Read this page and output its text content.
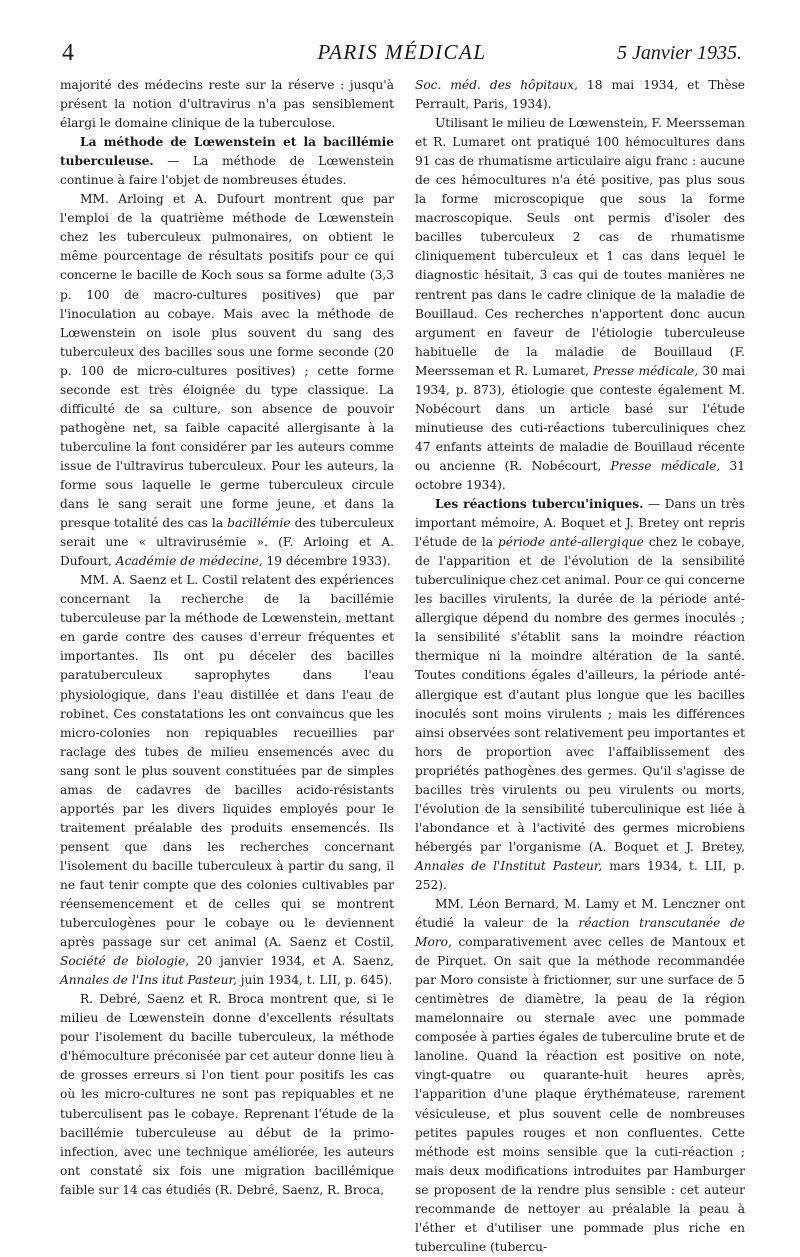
4	PARIS MÉDICAL	5 Janvier 1935.

majorité des médecins reste sur la réserve : jusqu'à présent la notion d'ultravirus n'a pas sensiblement élargi le domaine clinique de la tuberculose.

La méthode de Lœwenstein et la bacillémie tuberculeuse. — La méthode de Lœwenstein continue à faire l'objet de nombreuses études.

MM. Arloing et A. Dufourt montrent que par l'emploi de la quatrième méthode de Lœwenstein chez les tuberculeux pulmonaires, on obtient le même pourcentage de résultats positifs pour ce qui concerne le bacille de Koch sous sa forme adulte (3,3 p. 100 de macro-cultures positives) que par l'inoculation au cobaye. Mais avec la méthode de Lœwenstein on isole plus souvent du sang des tuberculeux des bacilles sous une forme seconde (20 p. 100 de micro-cultures positives) ; cette forme seconde est très éloignée du type classique. La difficulté de sa culture, son absence de pouvoir pathogène net, sa faible capacité allergisante à la tuberculine la font considérer par les auteurs comme issue de l'ultravirus tuberculeux. Pour les auteurs, la forme sous laquelle le germe tuberculeux circule dans le sang serait une forme jeune, et dans la presque totalité des cas la bacillémie des tuberculeux serait une « ultravirusémie ». (F. Arloing et A. Dufourt, Académie de médecine, 19 décembre 1933).

MM. A. Saenz et L. Costil relatent des expériences concernant la recherche de la bacillémie tuberculeuse par la méthode de Lœwenstein, mettant en garde contre des causes d'erreur fréquentes et importantes. Ils ont pu déceler des bacilles paratuberculeux saprophytes dans l'eau physiologique, dans l'eau distillée et dans l'eau de robinet. Ces constatations les ont convaincus que les micro-colonies non repiquables recueillies par raclage des tubes de milieu ensemencés avec du sang sont le plus souvent constituées par de simples amas de cadavres de bacilles acido-résistants apportés par les divers liquides employés pour le traitement préalable des produits ensemencés. Ils pensent que dans les recherches concernant l'isolement du bacille tuberculeux à partir du sang, il ne faut tenir compte que des colonies cultivables par réensemencement et de celles qui se montrent tuberculogènes pour le cobaye ou le deviennent après passage sur cet animal (A. Saenz et Costil, Société de biologie, 20 janvier 1934, et A. Saenz, Annales de l'Ins itut Pasteur, juin 1934, t. LII, p. 645).

R. Debré, Saenz et R. Broca montrent que, si le milieu de Lœwenstein donne d'excellents résultats pour l'isolement du bacille tuberculeux, la méthode d'hémoculture préconisée par cet auteur donne lieu à de grosses erreurs si l'on tient pour positifs les cas où les micro-cultures ne sont pas repiquables et ne tuberculisent pas le cobaye. Reprenant l'étude de la bacillémie tuberculeuse au début de la primo-infection, avec une technique améliorée, les auteurs ont constaté six fois une migration bacillémique faible sur 14 cas étudiés (R. Debré, Saenz, R. Broca,

Soc. méd. des hôpitaux, 18 mai 1934, et Thèse Perrault, Paris, 1934).

Utilisant le milieu de Lœwenstein, F. Meersseman et R. Lumaret ont pratiqué 100 hémocultures dans 91 cas de rhumatisme articulaire aigu franc : aucune de ces hémocultures n'a été positive, pas plus sous la forme microscopique que sous la forme macroscopique. Seuls ont permis d'isoler des bacilles tuberculeux 2 cas de rhumatisme cliniquement tuberculeux et 1 cas dans lequel le diagnostic hésitait, 3 cas qui de toutes manières ne rentrent pas dans le cadre clinique de la maladie de Bouillaud. Ces recherches n'apportent donc aucun argument en faveur de l'étiologie tuberculeuse habituelle de la maladie de Bouillaud (F. Meersseman et R. Lumaret, Presse médicale, 30 mai 1934, p. 873), étiologie que conteste également M. Nobécourt dans un article basé sur l'étude minutieuse des cuti-réactions tuberculiniques chez 47 enfants atteints de maladie de Bouillaud récente ou ancienne (R. Nobécourt, Presse médicale, 31 octobre 1934).

Les réactions tubercu'iniques. — Dans un très important mémoire, A. Boquet et J. Bretey ont repris l'étude de la période anté-allergique chez le cobaye, de l'apparition et de l'évolution de la sensibilité tuberculinique chez cet animal. Pour ce qui concerne les bacilles virulents, la durée de la période anté-allergique dépend du nombre des germes inoculés ; la sensibilité s'établit sans la moindre réaction thermique ni la moindre altération de la santé. Toutes conditions égales d'ailleurs, la période anté-allergique est d'autant plus longue que les bacilles inoculés sont moins virulents ; mais les différences ainsi observées sont relativement peu importantes et hors de proportion avec l'affaiblissement des propriétés pathogènes des germes. Qu'il s'agisse de bacilles très virulents ou peu virulents ou morts, l'évolution de la sensibilité tuberculinique est liée à l'abondance et à l'activité des germes microbiens hébergés par l'organisme (A. Boquet et J. Bretey, Annales de l'Institut Pasteur, mars 1934, t. LII, p. 252).

MM. Léon Bernard, M. Lamy et M. Lenczner ont étudié la valeur de la réaction transcutanée de Moro, comparativement avec celles de Mantoux et de Pirquet. On sait que la méthode recommandée par Moro consiste à frictionner, sur une surface de 5 centimètres de diamètre, la peau de la région mamelonnaire ou sternale avec une pommade composée à parties égales de tuberculine brute et de lanoline. Quand la réaction est positive on note, vingt-quatre ou quarante-huit heures après, l'apparition d'une plaque érythémateuse, rarement vésiculeuse, et plus souvent celle de nombreuses petites papules rouges et non confluentes. Cette méthode est moins sensible que la cuti-réaction ; mais deux modifications introduites par Hamburger se proposent de la rendre plus sensible : cet auteur recommande de nettoyer au préalable la peau à l'éther et d'utiliser une pommade plus riche en tuberculine (tubercu-
